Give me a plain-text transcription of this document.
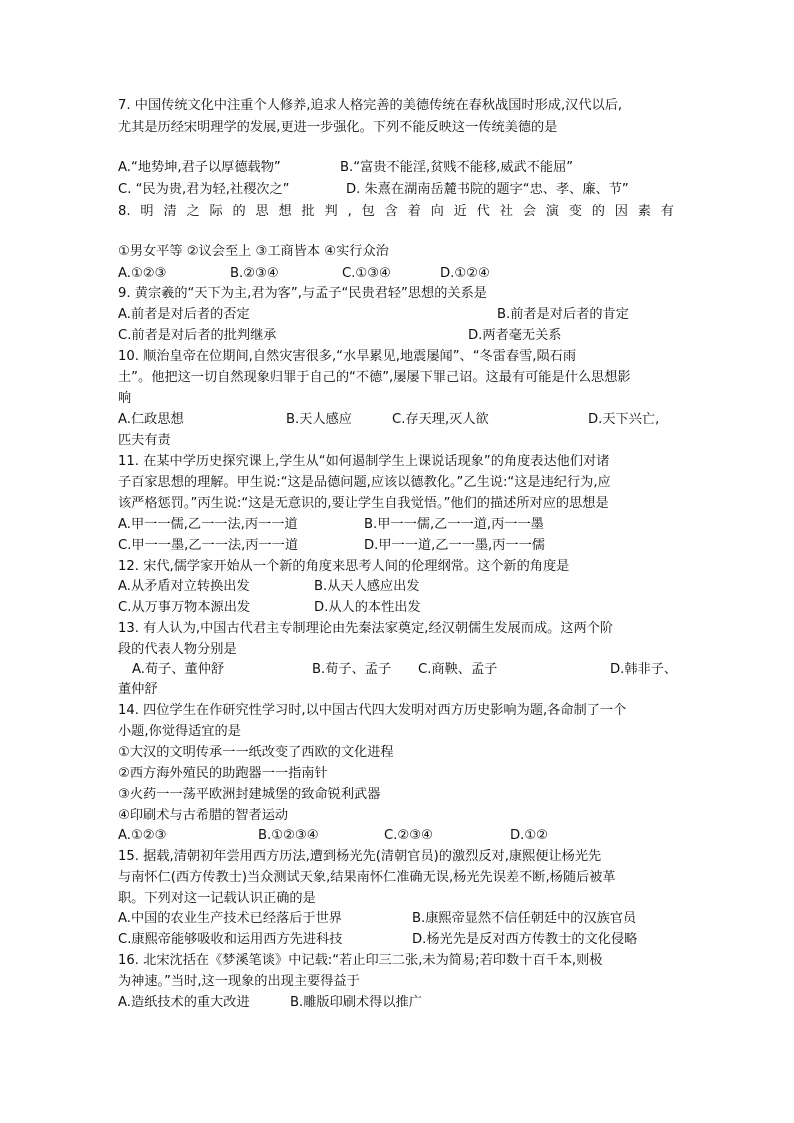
7. 中国传统文化中注重个人修养,追求人格完善的美德传统在春秋战国时形成,汉代以后,
尤其是历经宋明理学的发展,更进一步强化。下列不能反映这一传统美德的是
A.“地势坤,君子以厚德载物”	B.“富贵不能淫,贫贱不能移,威武不能屈”
C. “民为贵,君为轻,社稷次之”	D. 朱熹在湖南岳麓书院的题字“忠、孝、廉、节”
8. 明 清 之 际 的 思 想 批 判 , 包 含 着 向 近 代 社 会 演 变 的 因 素 有
①男女平等 ②议会至上 ③工商皆本 ④实行众治
A.①②③	B.②③④	C.①③④	D.①②④
9. 黄宗羲的“天下为主,君为客”,与孟子“民贵君轻”思想的关系是
A.前者是对后者的否定	B.前者是对后者的肯定
C.前者是对后者的批判继承	D.两者毫无关系
10. 顺治皇帝在位期间,自然灾害很多,“水旱累见,地震屡闻”、“冬雷春雪,陨石雨
土”。他把这一切自然现象归罪于自己的“不德”,屡屡下罪己诏。这最有可能是什么思想影
响
A.仁政思想	B.天人感应	C.存天理,灭人欲	D.天下兴亡,
匹夫有责
11. 在某中学历史探究课上,学生从“如何遏制学生上课说话现象”的角度表达他们对诸
子百家思想的理解。甲生说:“这是品德问题,应该以德教化。”乙生说:“这是违纪行为,应
该严格惩罚。”丙生说:“这是无意识的,要让学生自我觉悟。”他们的描述所对应的思想是
A.甲一一儒,乙一一法,丙一一道	B.甲一一儒,乙一一道,丙一一墨
C.甲一一墨,乙一一法,丙一一道	D.甲一一道,乙一一墨,丙一一儒
12. 宋代,儒学家开始从一个新的角度来思考人间的伦理纲常。这个新的角度是
A.从矛盾对立转换出发	B.从天人感应出发
C.从万事万物本源出发	D.从人的本性出发
13. 有人认为,中国古代君主专制理论由先秦法家奠定,经汉朝儒生发展而成。这两个阶
段的代表人物分别是
A.荀子、董仲舒	B.荀子、孟子 C.商鞅、孟子	D.韩非子、
董仲舒
14. 四位学生在作研究性学习时,以中国古代四大发明对西方历史影响为题,各命制了一个
小题,你觉得适宜的是
①大汉的文明传承一一纸改变了西欧的文化进程
②西方海外殖民的助跑器一一指南针
③火药一一荡平欧洲封建城堡的致命锐利武器
④印刷术与古希腊的智者运动
A.①②③	B.①②③④	C.②③④	D.①②
15. 据载,清朝初年尝用西方历法,遭到杨光先(清朝官员)的激烈反对,康熙便让杨光先
与南怀仁(西方传教士)当众测试天象,结果南怀仁准确无误,杨光先误差不断,杨随后被革
职。下列对这一记载认识正确的是
A.中国的农业生产技术已经落后于世界	B.康熙帝显然不信任朝廷中的汉族官员
C.康熙帝能够吸收和运用西方先进科技	D.杨光先是反对西方传教士的文化侵略
16. 北宋沈括在《梦溪笔谈》中记载:“若止印三二张,未为简易;若印数十百千本,则极
为神速。”当时,这一现象的出现主要得益于
A.造纸技术的重大改进	B.雕版印刷术得以推广
